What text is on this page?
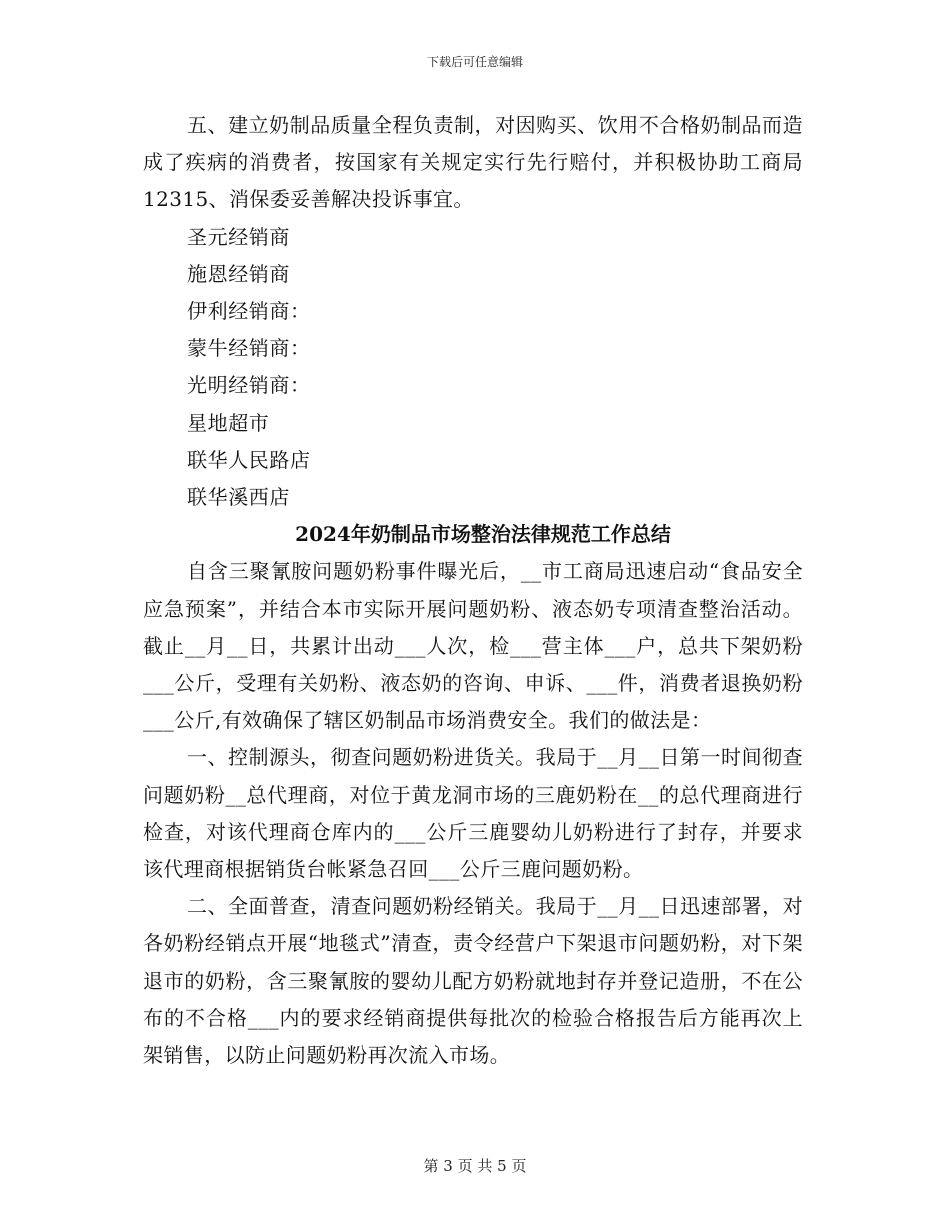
下载后可任意编辑

五、建立奶制品质量全程负责制，对因购买、饮用不合格奶制品而造成了疾病的消费者，按国家有关规定实行先行赔付，并积极协助工商局12315、消保委妥善解决投诉事宜。

圣元经销商

施恩经销商

伊利经销商：

蒙牛经销商：

光明经销商：

星地超市

联华人民路店

联华溪西店

2024年奶制品市场整治法律规范工作总结

自含三聚氰胺问题奶粉事件曝光后，__市工商局迅速启动“食品安全应急预案”，并结合本市实际开展问题奶粉、液态奶专项清查整治活动。截止__月__日，共累计出动___人次，检___营主体___户，总共下架奶粉___公斤，受理有关奶粉、液态奶的咨询、申诉、___件，消费者退换奶粉___公斤,有效确保了辖区奶制品市场消费安全。我们的做法是：

一、控制源头，彻查问题奶粉进货关。我局于__月__日第一时间彻查问题奶粉__总代理商，对位于黄龙洞市场的三鹿奶粉在__的总代理商进行检查，对该代理商仓库内的___公斤三鹿婴幼儿奶粉进行了封存，并要求该代理商根据销货台帐紧急召回___公斤三鹿问题奶粉。

二、全面普查，清查问题奶粉经销关。我局于__月__日迅速部署，对各奶粉经销点开展“地毯式”清查，责令经营户下架退市问题奶粉，对下架退市的奶粉，含三聚氰胺的婴幼儿配方奶粉就地封存并登记造册，不在公布的不合格___内的要求经销商提供每批次的检验合格报告后方能再次上架销售，以防止问题奶粉再次流入市场。

第 3 页 共 5 页
